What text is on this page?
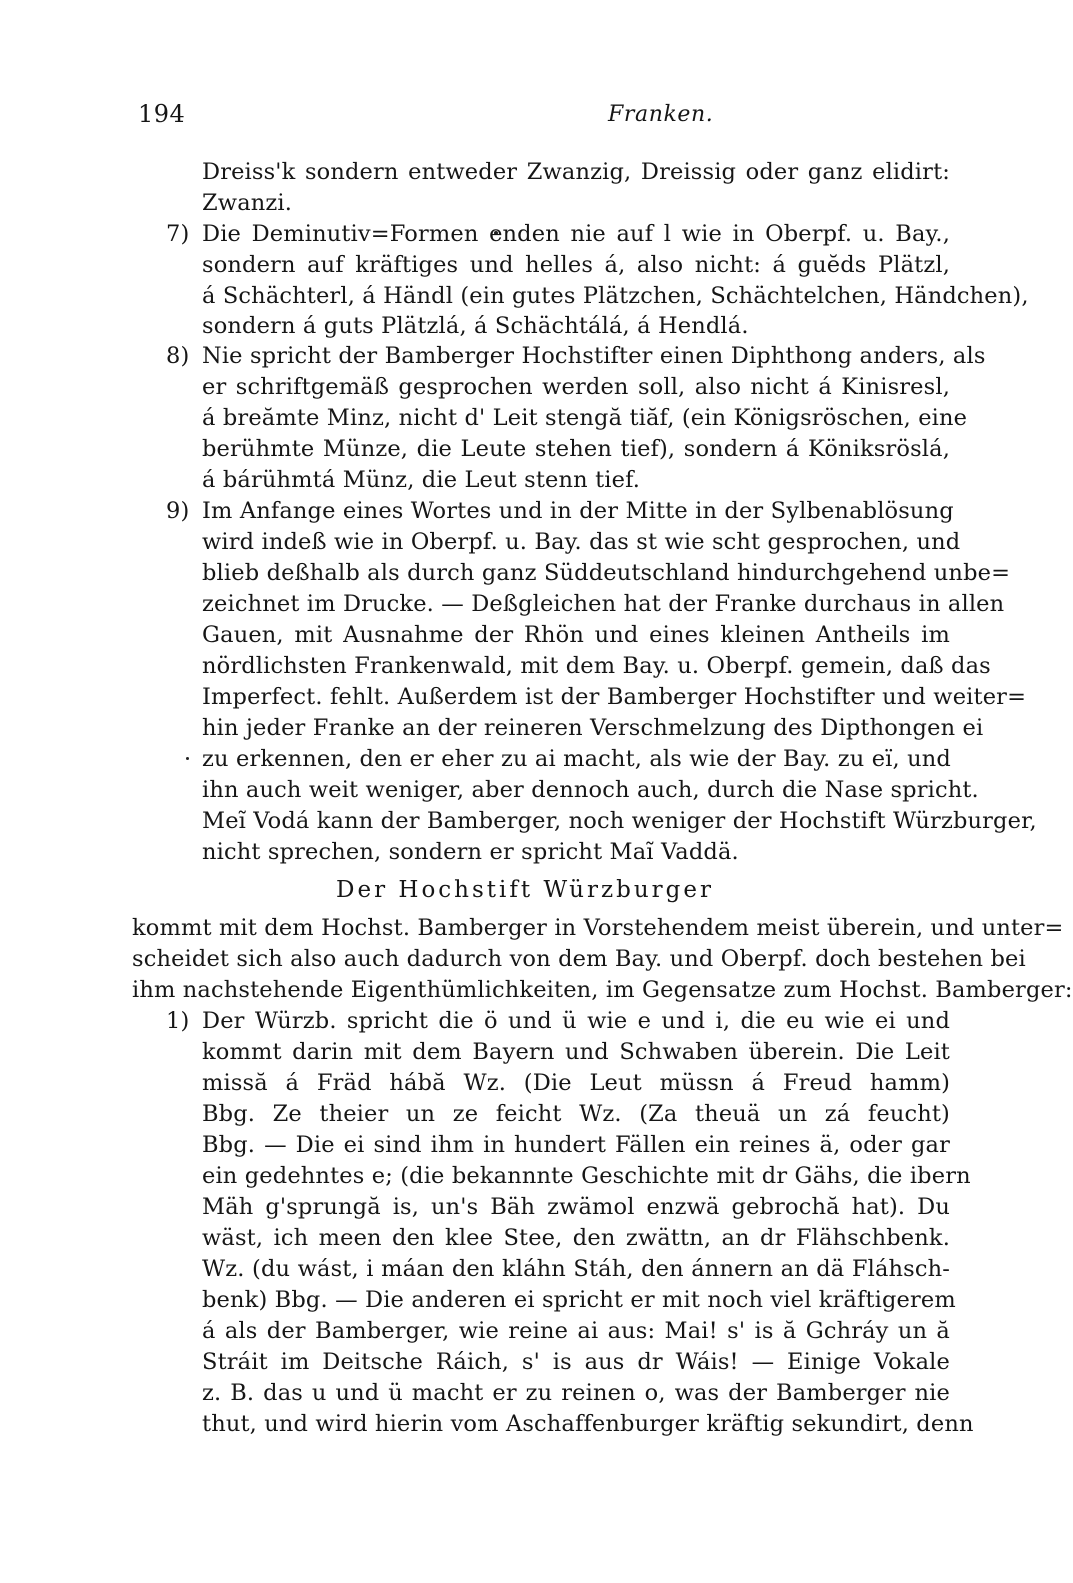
194	Franken.
Dreiss'k sondern entweder Zwanzig, Dreissig oder ganz elidirt:
Zwanzi.
7) Die Deminutiv=Formen enden nie auf l wie in Oberpf. u. Bay.,
sondern auf kräftiges und helles á, also nicht: á guĕds Plätzl,
á Schächterl, á Händl (ein gutes Plätzchen, Schächtelchen, Händchen),
sondern á guts Plätzlá, á Schächtálá, á Hendlá.
8) Nie spricht der Bamberger Hochstifter einen Diphthong anders, als
er schriftgemäß gesprochen werden soll, also nicht á Kinisresl,
á breămte Minz, nicht d' Leit stengă tiăf, (ein Königsröschen, eine
berühmte Münze, die Leute stehen tief), sondern á Köniksröslá,
á bárühmtá Münz, die Leut stenn tief.
9) Im Anfange eines Wortes und in der Mitte in der Sylbenablösung
wird indeß wie in Oberpf. u. Bay. das st wie scht gesprochen, und
blieb deßhalb als durch ganz Süddeutschland hindurchgehend unbe=
zeichnet im Drucke. — Deßgleichen hat der Franke durchaus in allen
Gauen, mit Ausnahme der Rhön und eines kleinen Antheils im
nördlichsten Frankenwald, mit dem Bay. u. Oberpf. gemein, daß das
Imperfect. fehlt. Außerdem ist der Bamberger Hochstifter und weiter=
hin jeder Franke an der reineren Verschmelzung des Dipthongen ei
zu erkennen, den er eher zu ai macht, als wie der Bay. zu eï, und
ihn auch weit weniger, aber dennoch auch, durch die Nase spricht.
Meĩ Vodá kann der Bamberger, noch weniger der Hochstift Würzburger,
nicht sprechen, sondern er spricht Maĩ Vaddä.
Der Hochstift Würzburger
kommt mit dem Hochst. Bamberger in Vorstehendem meist überein, und unter=
scheidet sich also auch dadurch von dem Bay. und Oberpf. doch bestehen bei
ihm nachstehende Eigenthümlichkeiten, im Gegensatze zum Hochst. Bamberger:
1) Der Würzb. spricht die ö und ü wie e und i, die eu wie ei und
kommt darin mit dem Bayern und Schwaben überein. Die Leit
missă á Fräd hábă Wz. (Die Leut müssn á Freud hamm)
Bbg. Ze theier un ze feicht Wz. (Za theuä un zá feucht)
Bbg. — Die ei sind ihm in hundert Fällen ein reines ä, oder gar
ein gedehntes e; (die bekannnte Geschichte mit dr Gähs, die ibern
Mäh g'sprungă is, un's Bäh zwämol enzwä gebrochă hat). Du
wäst, ich meen den klee Stee, den zwättn, an dr Flähschbenk.
Wz. (du wást, i máan den kláhn Stáh, den ánnern an dä Fláhsch-
benk) Bbg. — Die anderen ei spricht er mit noch viel kräftigerem
á als der Bamberger, wie reine ai aus: Mai! s' is ă Gchráy un ă
Stráit im Deitsche Ráich, s' is aus dr Wáis! — Einige Vokale
z. B. das u und ü macht er zu reinen o, was der Bamberger nie
thut, und wird hierin vom Aschaffenburger kräftig sekundirt, denn
